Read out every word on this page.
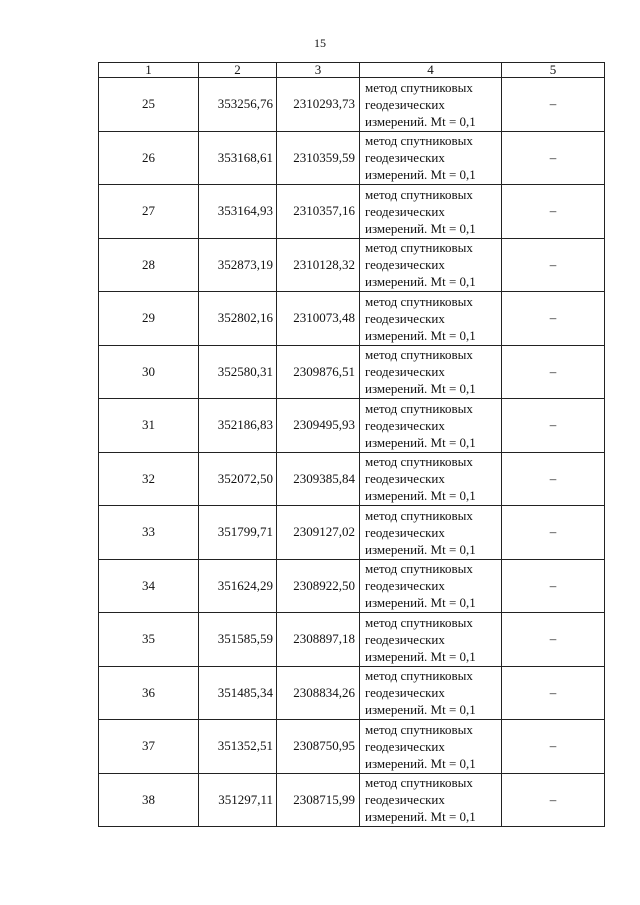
15
1	2	3	4	5
25	353256,76	2310293,73	метод спутниковых геодезических измерений. Mt = 0,1	–
26	353168,61	2310359,59	метод спутниковых геодезических измерений. Mt = 0,1	–
27	353164,93	2310357,16	метод спутниковых геодезических измерений. Mt = 0,1	–
28	352873,19	2310128,32	метод спутниковых геодезических измерений. Mt = 0,1	–
29	352802,16	2310073,48	метод спутниковых геодезических измерений. Mt = 0,1	–
30	352580,31	2309876,51	метод спутниковых геодезических измерений. Mt = 0,1	–
31	352186,83	2309495,93	метод спутниковых геодезических измерений. Mt = 0,1	–
32	352072,50	2309385,84	метод спутниковых геодезических измерений. Mt = 0,1	–
33	351799,71	2309127,02	метод спутниковых геодезических измерений. Mt = 0,1	–
34	351624,29	2308922,50	метод спутниковых геодезических измерений. Mt = 0,1	–
35	351585,59	2308897,18	метод спутниковых геодезических измерений. Mt = 0,1	–
36	351485,34	2308834,26	метод спутниковых геодезических измерений. Mt = 0,1	–
37	351352,51	2308750,95	метод спутниковых геодезических измерений. Mt = 0,1	–
38	351297,11	2308715,99	метод спутниковых геодезических измерений. Mt = 0,1	–
